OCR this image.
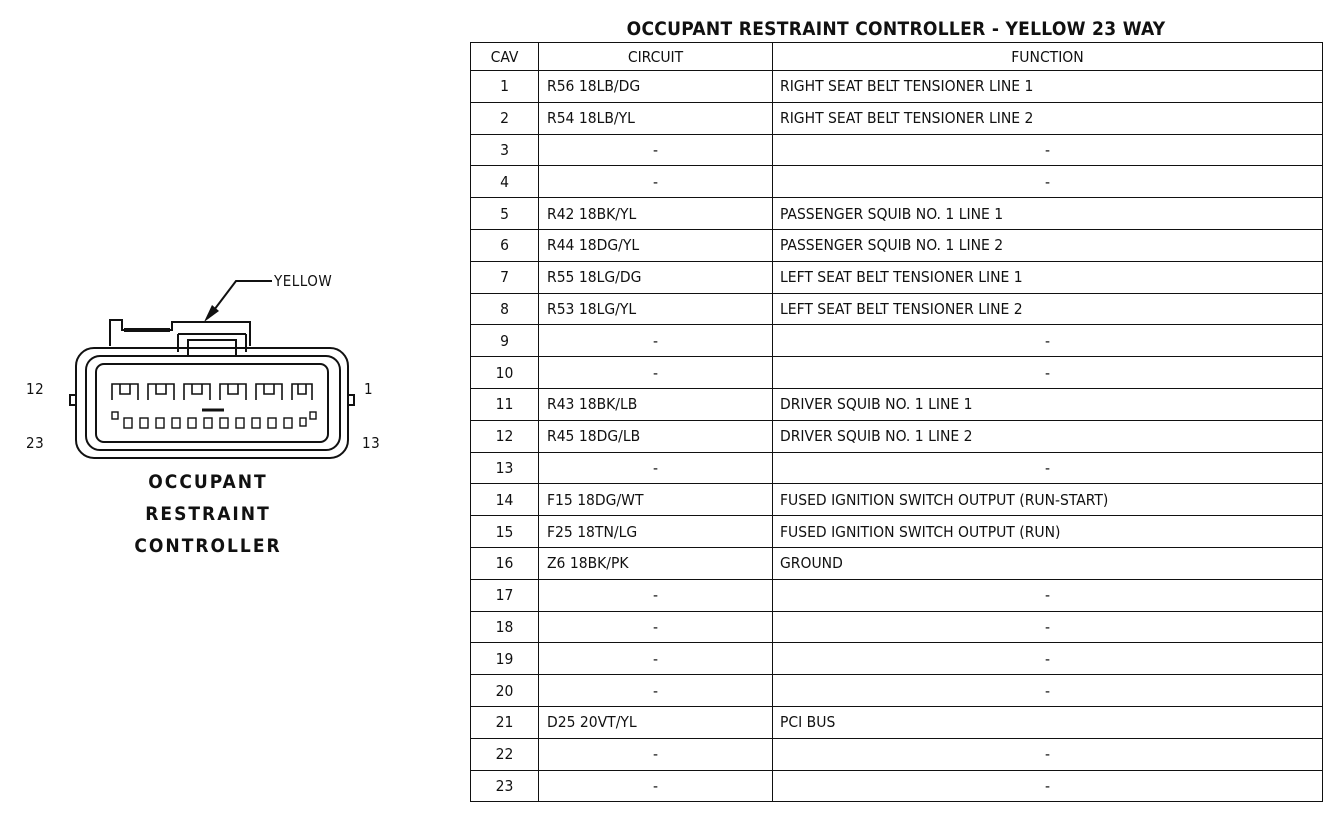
YELLOW
12	1
23	13
OCCUPANT
RESTRAINT
CONTROLLER
OCCUPANT RESTRAINT CONTROLLER - YELLOW 23 WAY
CAV	CIRCUIT	FUNCTION
1	R56 18LB/DG	RIGHT SEAT BELT TENSIONER LINE 1
2	R54 18LB/YL	RIGHT SEAT BELT TENSIONER LINE 2
3	-	-
4	-	-
5	R42 18BK/YL	PASSENGER SQUIB NO. 1 LINE 1
6	R44 18DG/YL	PASSENGER SQUIB NO. 1 LINE 2
7	R55 18LG/DG	LEFT SEAT BELT TENSIONER LINE 1
8	R53 18LG/YL	LEFT SEAT BELT TENSIONER LINE 2
9	-	-
10	-	-
11	R43 18BK/LB	DRIVER SQUIB NO. 1 LINE 1
12	R45 18DG/LB	DRIVER SQUIB NO. 1 LINE 2
13	-	-
14	F15 18DG/WT	FUSED IGNITION SWITCH OUTPUT (RUN-START)
15	F25 18TN/LG	FUSED IGNITION SWITCH OUTPUT (RUN)
16	Z6 18BK/PK	GROUND
17	-	-
18	-	-
19	-	-
20	-	-
21	D25 20VT/YL	PCI BUS
22	-	-
23	-	-
